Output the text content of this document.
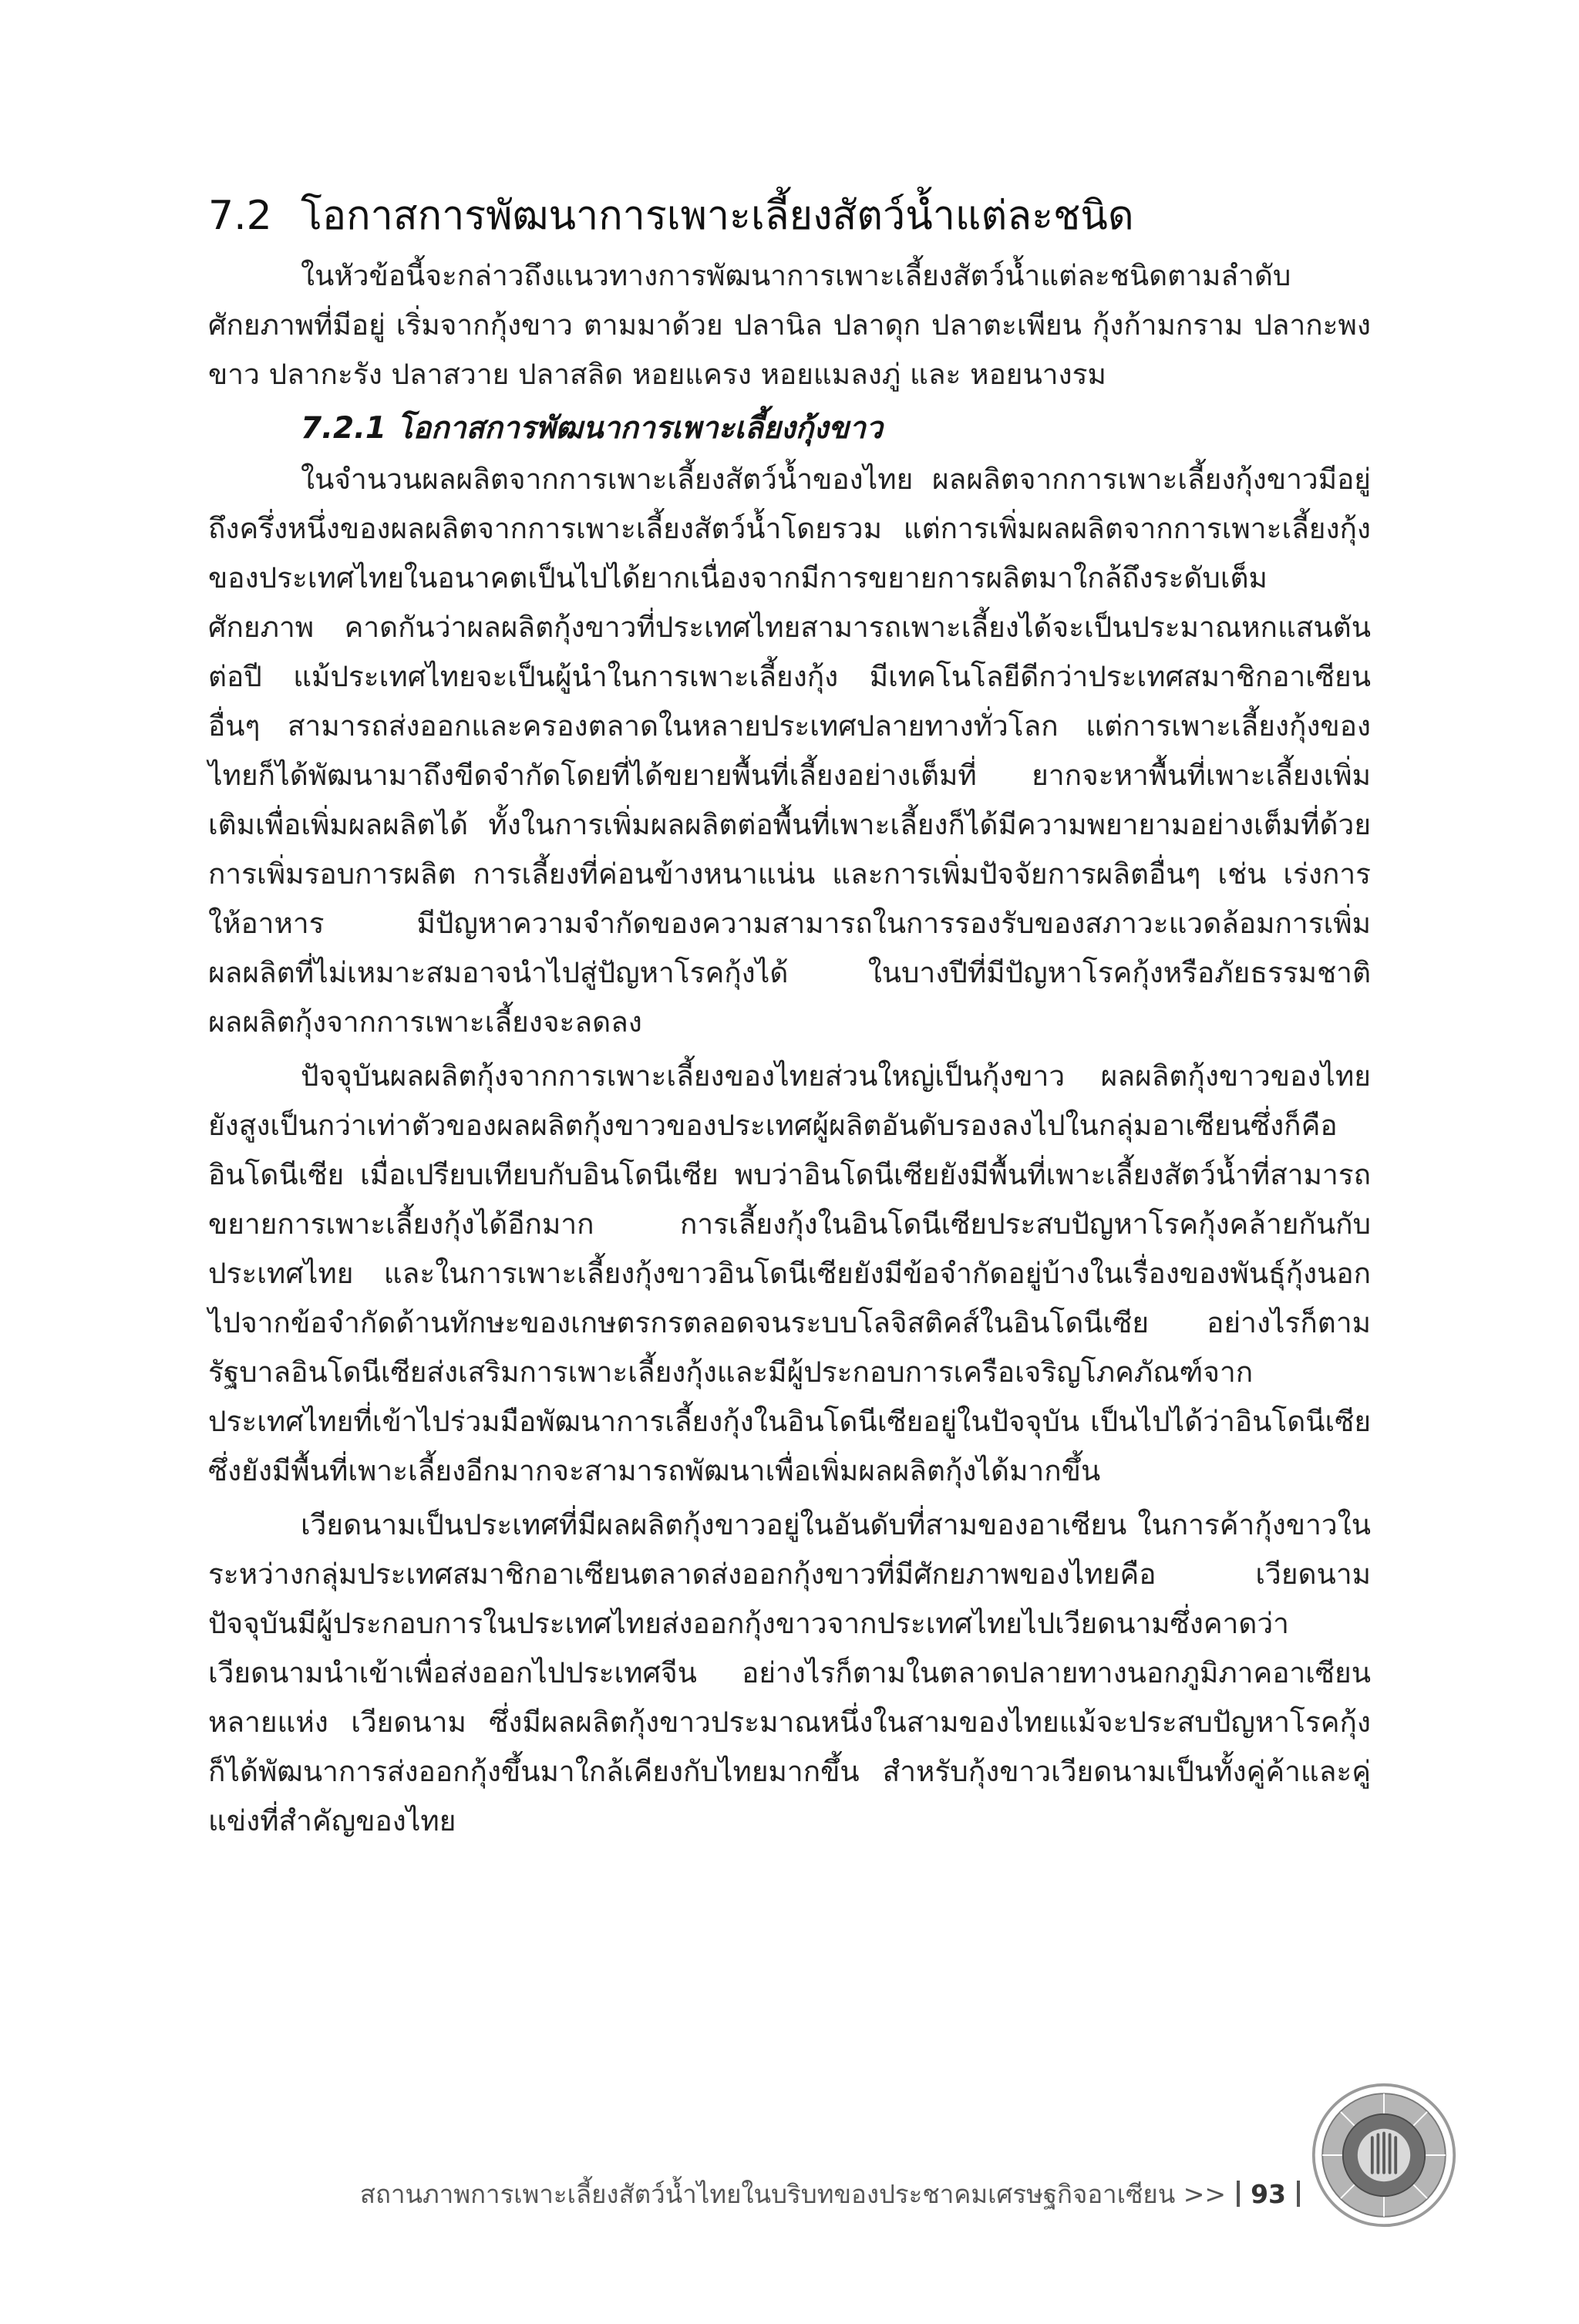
7.2 โอกาสการพัฒนาการเพาะเลี้ยงสัตว์น้ำแต่ละชนิด

ในหัวข้อนี้จะกล่าวถึงแนวทางการพัฒนาการเพาะเลี้ยงสัตว์น้ำแต่ละชนิดตามลำดับศักยภาพที่มีอยู่ เริ่มจากกุ้งขาว ตามมาด้วย ปลานิล ปลาดุก ปลาตะเพียน กุ้งก้ามกราม ปลากะพงขาว ปลากะรัง ปลาสวาย ปลาสลิด หอยแครง หอยแมลงภู่ และ หอยนางรม

7.2.1 โอกาสการพัฒนาการเพาะเลี้ยงกุ้งขาว

ในจำนวนผลผลิตจากการเพาะเลี้ยงสัตว์น้ำของไทย ผลผลิตจากการเพาะเลี้ยงกุ้งขาวมีอยู่ถึงครึ่งหนึ่งของผลผลิตจากการเพาะเลี้ยงสัตว์น้ำโดยรวม แต่การเพิ่มผลผลิตจากการเพาะเลี้ยงกุ้งของประเทศไทยในอนาคตเป็นไปได้ยากเนื่องจากมีการขยายการผลิตมาใกล้ถึงระดับเต็มศักยภาพ คาดกันว่าผลผลิตกุ้งขาวที่ประเทศไทยสามารถเพาะเลี้ยงได้จะเป็นประมาณหกแสนตันต่อปี แม้ประเทศไทยจะเป็นผู้นำในการเพาะเลี้ยงกุ้ง มีเทคโนโลยีดีกว่าประเทศสมาชิกอาเซียนอื่นๆ สามารถส่งออกและครองตลาดในหลายประเทศปลายทางทั่วโลก แต่การเพาะเลี้ยงกุ้งของไทยก็ได้พัฒนามาถึงขีดจำกัดโดยที่ได้ขยายพื้นที่เลี้ยงอย่างเต็มที่ ยากจะหาพื้นที่เพาะเลี้ยงเพิ่มเติมเพื่อเพิ่มผลผลิตได้ ทั้งในการเพิ่มผลผลิตต่อพื้นที่เพาะเลี้ยงก็ได้มีความพยายามอย่างเต็มที่ด้วยการเพิ่มรอบการผลิต การเลี้ยงที่ค่อนข้างหนาแน่น และการเพิ่มปัจจัยการผลิตอื่นๆ เช่น เร่งการให้อาหาร มีปัญหาความจำกัดของความสามารถในการรองรับของสภาวะแวดล้อมการเพิ่มผลผลิตที่ไม่เหมาะสมอาจนำไปสู่ปัญหาโรคกุ้งได้ ในบางปีที่มีปัญหาโรคกุ้งหรือภัยธรรมชาติผลผลิตกุ้งจากการเพาะเลี้ยงจะลดลง

ปัจจุบันผลผลิตกุ้งจากการเพาะเลี้ยงของไทยส่วนใหญ่เป็นกุ้งขาว ผลผลิตกุ้งขาวของไทยยังสูงเป็นกว่าเท่าตัวของผลผลิตกุ้งขาวของประเทศผู้ผลิตอันดับรองลงไปในกลุ่มอาเซียนซึ่งก็คืออินโดนีเซีย เมื่อเปรียบเทียบกับอินโดนีเซีย พบว่าอินโดนีเซียยังมีพื้นที่เพาะเลี้ยงสัตว์น้ำที่สามารถขยายการเพาะเลี้ยงกุ้งได้อีกมาก การเลี้ยงกุ้งในอินโดนีเซียประสบปัญหาโรคกุ้งคล้ายกันกับประเทศไทย และในการเพาะเลี้ยงกุ้งขาวอินโดนีเซียยังมีข้อจำกัดอยู่บ้างในเรื่องของพันธุ์กุ้งนอกไปจากข้อจำกัดด้านทักษะของเกษตรกรตลอดจนระบบโลจิสติคส์ในอินโดนีเซีย อย่างไรก็ตามรัฐบาลอินโดนีเซียส่งเสริมการเพาะเลี้ยงกุ้งและมีผู้ประกอบการเครือเจริญโภคภัณฑ์จากประเทศไทยที่เข้าไปร่วมมือพัฒนาการเลี้ยงกุ้งในอินโดนีเซียอยู่ในปัจจุบัน เป็นไปได้ว่าอินโดนีเซียซึ่งยังมีพื้นที่เพาะเลี้ยงอีกมากจะสามารถพัฒนาเพื่อเพิ่มผลผลิตกุ้งได้มากขึ้น

เวียดนามเป็นประเทศที่มีผลผลิตกุ้งขาวอยู่ในอันดับที่สามของอาเซียน ในการค้ากุ้งขาวในระหว่างกลุ่มประเทศสมาชิกอาเซียนตลาดส่งออกกุ้งขาวที่มีศักยภาพของไทยคือ เวียดนาม ปัจจุบันมีผู้ประกอบการในประเทศไทยส่งออกกุ้งขาวจากประเทศไทยไปเวียดนามซึ่งคาดว่าเวียดนามนำเข้าเพื่อส่งออกไปประเทศจีน อย่างไรก็ตามในตลาดปลายทางนอกภูมิภาคอาเซียนหลายแห่ง เวียดนาม ซึ่งมีผลผลิตกุ้งขาวประมาณหนึ่งในสามของไทยแม้จะประสบปัญหาโรคกุ้งก็ได้พัฒนาการส่งออกกุ้งขึ้นมาใกล้เคียงกับไทยมากขึ้น สำหรับกุ้งขาวเวียดนามเป็นทั้งคู่ค้าและคู่แข่งที่สำคัญของไทย

สถานภาพการเพาะเลี้ยงสัตว์น้ำไทยในบริบทของประชาคมเศรษฐกิจอาเซียน >> 93
